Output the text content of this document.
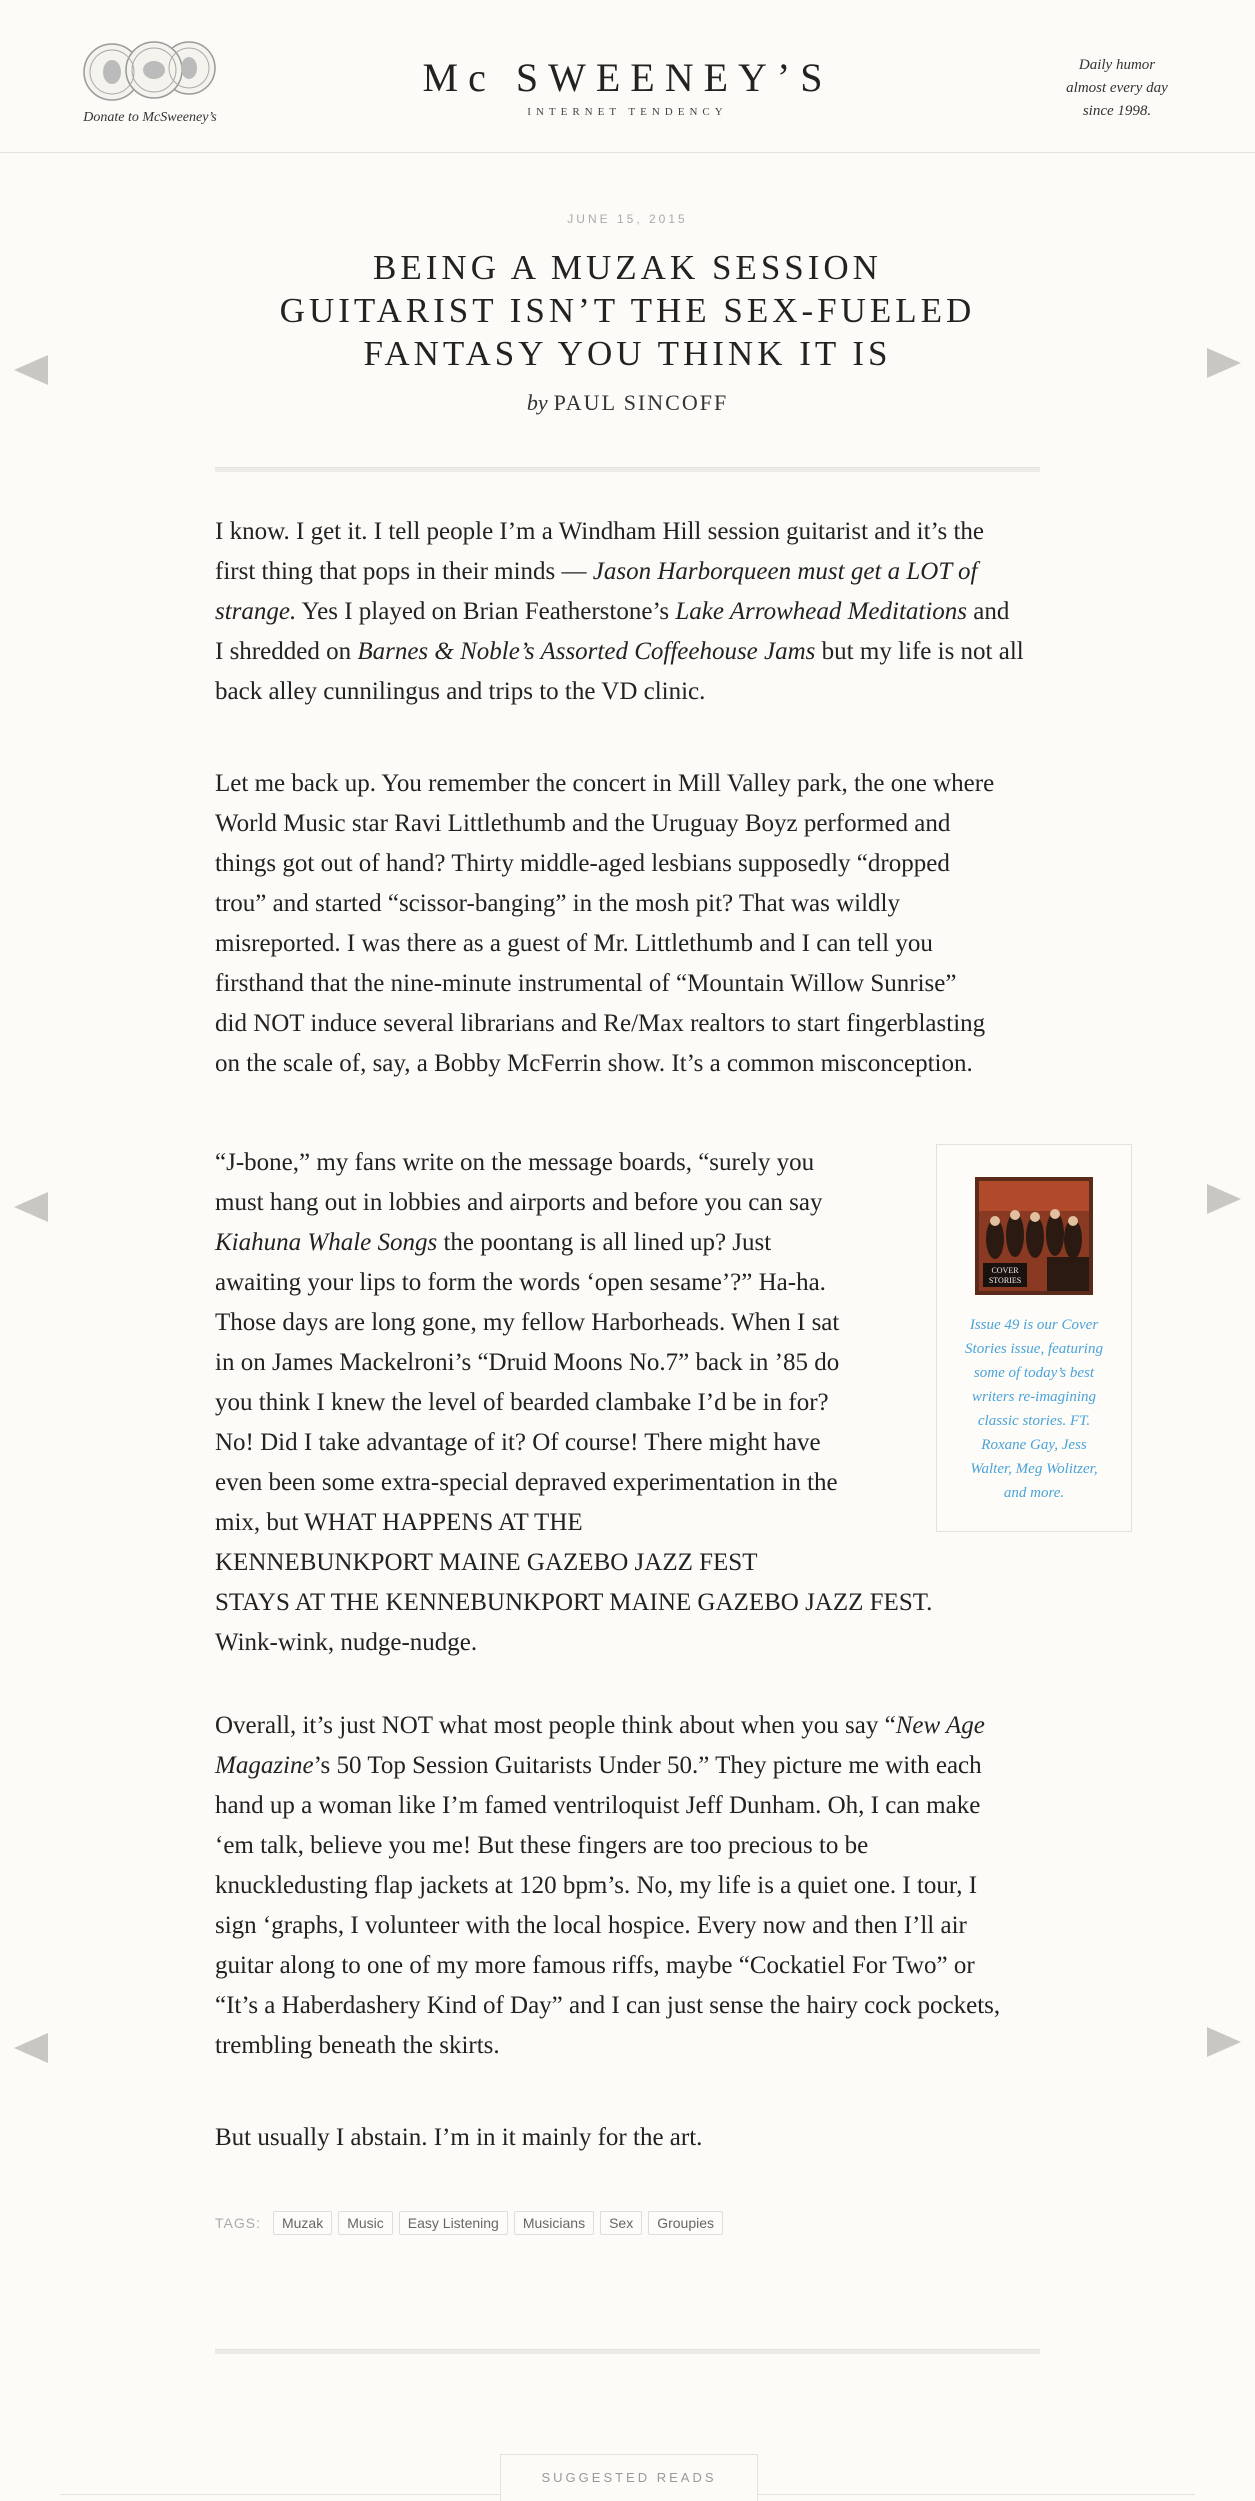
Donate to McSweeney’s
Mc SWEENEY’S
INTERNET TENDENCY
Daily humor
almost every day
since 1998.
JUNE 15, 2015
BEING A MUZAK SESSION
GUITARIST ISN’T THE SEX-FUELED
FANTASY YOU THINK IT IS
by PAUL SINCOFF

I know. I get it. I tell people I’m a Windham Hill session guitarist and it’s the
first thing that pops in their minds — Jason Harborqueen must get a LOT of
strange. Yes I played on Brian Featherstone’s Lake Arrowhead Meditations and
I shredded on Barnes & Noble’s Assorted Coffeehouse Jams but my life is not all
back alley cunnilingus and trips to the VD clinic.

Let me back up. You remember the concert in Mill Valley park, the one where
World Music star Ravi Littlethumb and the Uruguay Boyz performed and
things got out of hand? Thirty middle-aged lesbians supposedly “dropped
trou” and started “scissor-banging” in the mosh pit? That was wildly
misreported. I was there as a guest of Mr. Littlethumb and I can tell you
firsthand that the nine-minute instrumental of “Mountain Willow Sunrise”
did NOT induce several librarians and Re/Max realtors to start fingerblasting
on the scale of, say, a Bobby McFerrin show. It’s a common misconception.

“J-bone,” my fans write on the message boards, “surely you
must hang out in lobbies and airports and before you can say
Kiahuna Whale Songs the poontang is all lined up? Just
awaiting your lips to form the words ‘open sesame’?” Ha-ha.
Those days are long gone, my fellow Harborheads. When I sat
in on James Mackelroni’s “Druid Moons No.7” back in ’85 do
you think I knew the level of bearded clambake I’d be in for?
No! Did I take advantage of it? Of course! There might have
even been some extra-special depraved experimentation in the
mix, but WHAT HAPPENS AT THE
KENNEBUNKPORT MAINE GAZEBO JAZZ FEST
STAYS AT THE KENNEBUNKPORT MAINE GAZEBO JAZZ FEST.
Wink-wink, nudge-nudge.

COVER
STORIES
Issue 49 is our Cover
Stories issue, featuring
some of today’s best
writers re-imagining
classic stories. FT.
Roxane Gay, Jess
Walter, Meg Wolitzer,
and more.

Overall, it’s just NOT what most people think about when you say “New Age
Magazine’s 50 Top Session Guitarists Under 50.” They picture me with each
hand up a woman like I’m famed ventriloquist Jeff Dunham. Oh, I can make
‘em talk, believe you me! But these fingers are too precious to be
knuckledusting flap jackets at 120 bpm’s. No, my life is a quiet one. I tour, I
sign ‘graphs, I volunteer with the local hospice. Every now and then I’ll air
guitar along to one of my more famous riffs, maybe “Cockatiel For Two” or
“It’s a Haberdashery Kind of Day” and I can just sense the hairy cock pockets,
trembling beneath the skirts.

But usually I abstain. I’m in it mainly for the art.

TAGS:	Muzak	Music	Easy Listening	Musicians	Sex	Groupies
SUGGESTED READS
